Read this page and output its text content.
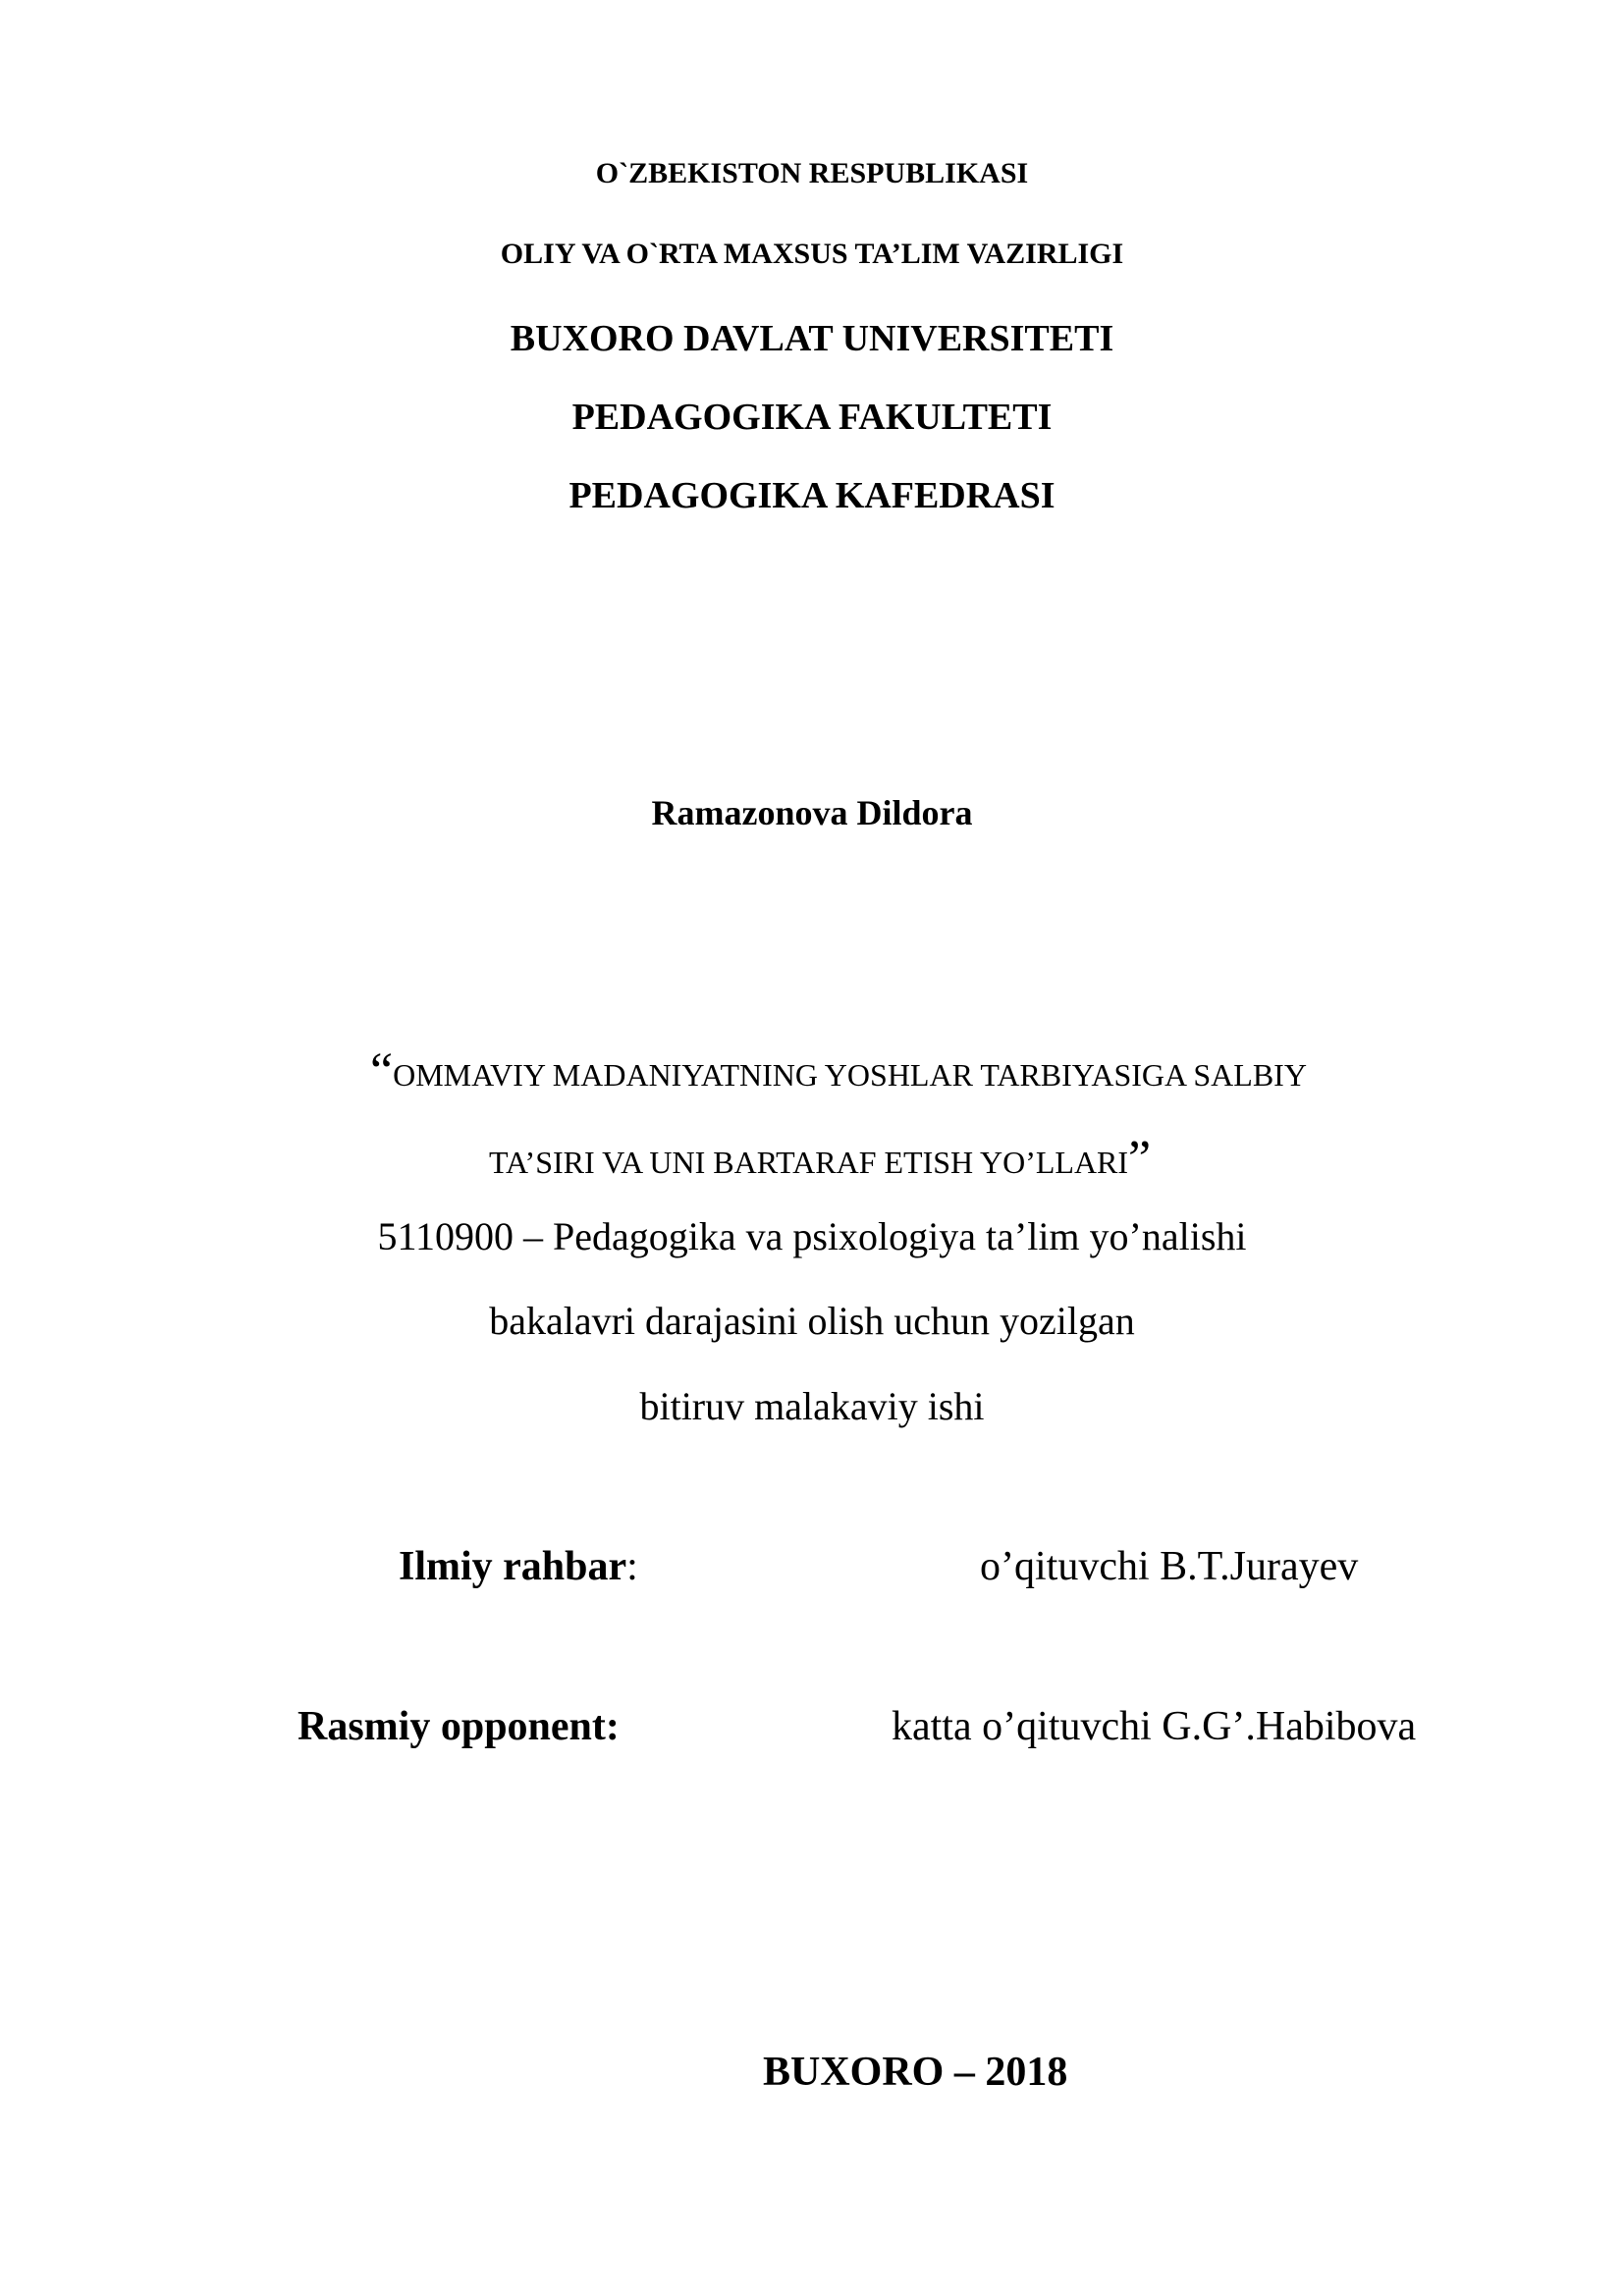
O`ZBEKISTON RESPUBLIKASI
OLIY VA O`RTA MAXSUS TA’LIM VAZIRLIGI
BUXORO DAVLAT UNIVERSITETI
PEDAGOGIKA FAKULTETI
PEDAGOGIKA KAFEDRASI
Ramazonova Dildora
“OMMAVIY MADANIYATNING YOSHLAR TARBIYASIGA SALBIY
TA’SIRI VA UNI BARTARAF ETISH YO’LLARI”
5110900 – Pedagogika va psixologiya ta’lim yo’nalishi
bakalavri darajasini olish uchun yozilgan
bitiruv malakaviy ishi
Ilmiy rahbar:	o’qituvchi B.T.Jurayev
Rasmiy opponent:	katta o’qituvchi G.G’.Habibova
BUXORO – 2018
